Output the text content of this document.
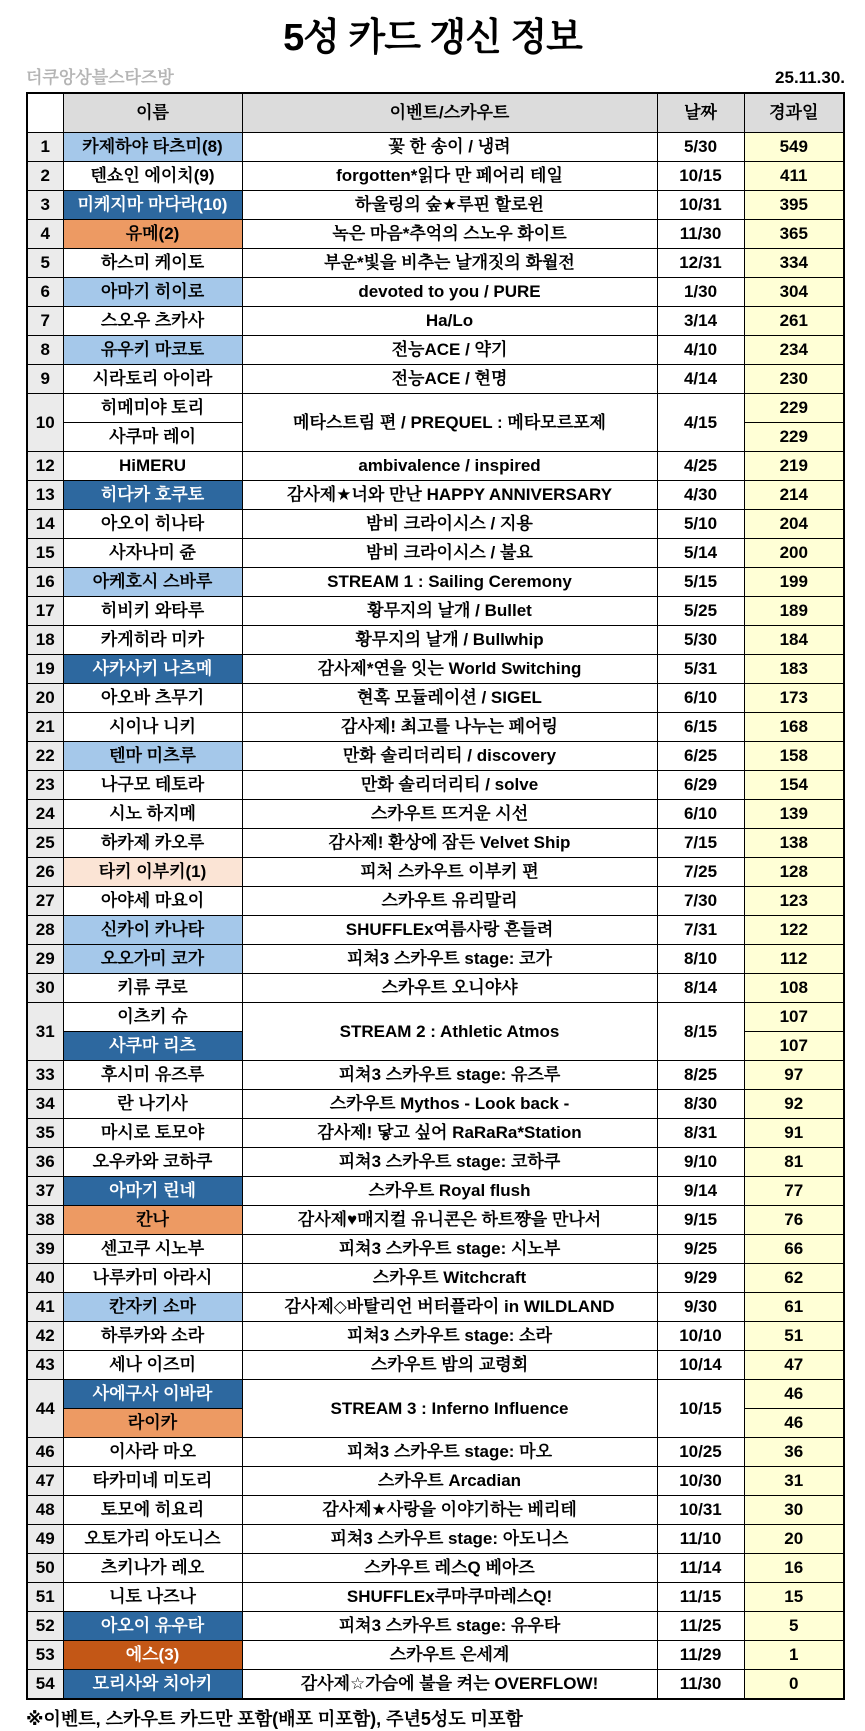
5성 카드 갱신 정보
더쿠앙상블스타즈방	25.11.30.
	이름	이벤트/스카우트	날짜	경과일
1	카제하야 타츠미(8)	꽃 한 송이 / 냉려	5/30	549
2	텐쇼인 에이치(9)	forgotten*읽다 만 페어리 테일	10/15	411
3	미케지마 마다라(10)	하울링의 숲★루핀 할로윈	10/31	395
4	유메(2)	녹은 마음*추억의 스노우 화이트	11/30	365
5	하스미 케이토	부운*빛을 비추는 날개짓의 화월전	12/31	334
6	아마기 히이로	devoted to you / PURE	1/30	304
7	스오우 츠카사	Ha/Lo	3/14	261
8	유우키 마코토	전능ACE / 약기	4/10	234
9	시라토리 아이라	전능ACE / 현명	4/14	230
10	히메미야 토리	메타스트림 편 / PREQUEL : 메타모르포제	4/15	229
	사쿠마 레이			229
12	HiMERU	ambivalence / inspired	4/25	219
13	히다카 호쿠토	감사제★너와 만난 HAPPY ANNIVERSARY	4/30	214
14	아오이 히나타	밤비 크라이시스 / 지용	5/10	204
15	사자나미 쥰	밤비 크라이시스 / 불요	5/14	200
16	아케호시 스바루	STREAM 1 : Sailing Ceremony	5/15	199
17	히비키 와타루	황무지의 날개 / Bullet	5/25	189
18	카게히라 미카	황무지의 날개 / Bullwhip	5/30	184
19	사카사키 나츠메	감사제*연을 잇는 World Switching	5/31	183
20	아오바 츠무기	현혹 모듈레이션 / SIGEL	6/10	173
21	시이나 니키	감사제! 최고를 나누는 페어링	6/15	168
22	텐마 미츠루	만화 솔리더리티 / discovery	6/25	158
23	나구모 테토라	만화 솔리더리티 / solve	6/29	154
24	시노 하지메	스카우트 뜨거운 시선	6/10	139
25	하카제 카오루	감사제! 환상에 잠든 Velvet Ship	7/15	138
26	타키 이부키(1)	피처 스카우트 이부키 편	7/25	128
27	아야세 마요이	스카우트 유리말리	7/30	123
28	신카이 카나타	SHUFFLEx여름사랑 흔들려	7/31	122
29	오오가미 코가	피쳐3 스카우트 stage: 코가	8/10	112
30	키류 쿠로	스카우트 오니야샤	8/14	108
31	이츠키 슈	STREAM 2 : Athletic Atmos	8/15	107
	사쿠마 리츠			107
33	후시미 유즈루	피쳐3 스카우트 stage: 유즈루	8/25	97
34	란 나기사	스카우트 Mythos - Look back -	8/30	92
35	마시로 토모야	감사제! 닿고 싶어 RaRaRa*Station	8/31	91
36	오우카와 코하쿠	피쳐3 스카우트 stage: 코하쿠	9/10	81
37	아마기 린네	스카우트 Royal flush	9/14	77
38	칸나	감사제♥매지컬 유니콘은 하트쨩을 만나서	9/15	76
39	센고쿠 시노부	피쳐3 스카우트 stage: 시노부	9/25	66
40	나루카미 아라시	스카우트 Witchcraft	9/29	62
41	칸자키 소마	감사제◇바탈리언 버터플라이 in WILDLAND	9/30	61
42	하루카와 소라	피쳐3 스카우트 stage: 소라	10/10	51
43	세나 이즈미	스카우트 밤의 교령회	10/14	47
44	사에구사 이바라	STREAM 3 : Inferno Influence	10/15	46
	라이카			46
46	이사라 마오	피쳐3 스카우트 stage: 마오	10/25	36
47	타카미네 미도리	스카우트 Arcadian	10/30	31
48	토모에 히요리	감사제★사랑을 이야기하는 베리테	10/31	30
49	오토가리 아도니스	피쳐3 스카우트 stage: 아도니스	11/10	20
50	츠키나가 레오	스카우트 레스Q 베아즈	11/14	16
51	니토 나즈나	SHUFFLEx쿠마쿠마레스Q!	11/15	15
52	아오이 유우타	피쳐3 스카우트 stage: 유우타	11/25	5
53	에스(3)	스카우트 은세계	11/29	1
54	모리사와 치아키	감사제☆가슴에 불을 켜는 OVERFLOW!	11/30	0
※이벤트, 스카우트 카드만 포함(배포 미포함), 주년5성도 미포함
